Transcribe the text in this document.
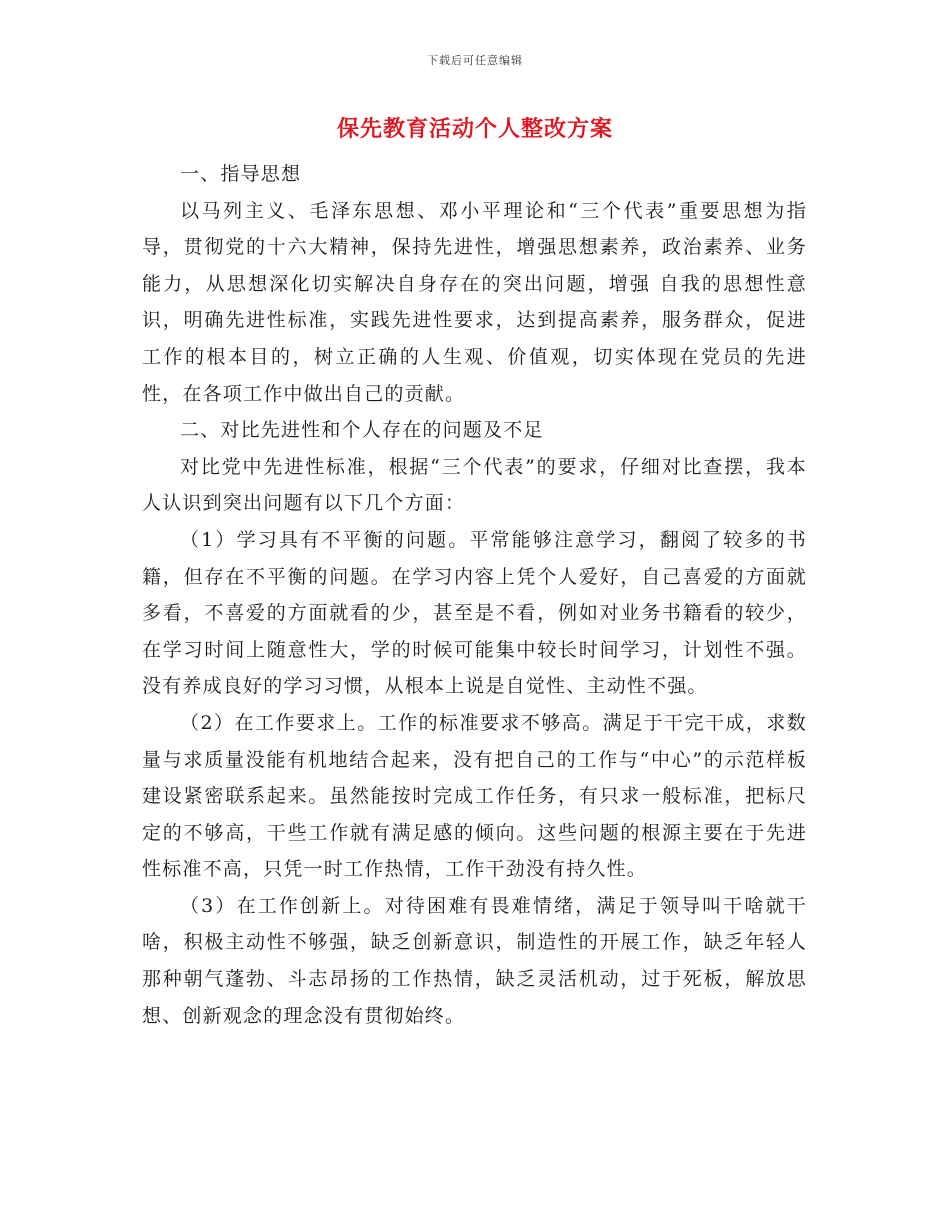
下载后可任意编辑
保先教育活动个人整改方案

一、指导思想

以马列主义、毛泽东思想、邓小平理论和“三个代表”重要思想为指导，贯彻党的十六大精神，保持先进性，增强思想素养，政治素养、业务能力，从思想深化切实解决自身存在的突出问题，增强 自我的思想性意识，明确先进性标准，实践先进性要求，达到提高素养，服务群众，促进工作的根本目的，树立正确的人生观、价值观，切实体现在党员的先进性，在各项工作中做出自己的贡献。

二、对比先进性和个人存在的问题及不足

对比党中先进性标准，根据“三个代表”的要求，仔细对比查摆，我本人认识到突出问题有以下几个方面：

（1）学习具有不平衡的问题。平常能够注意学习，翻阅了较多的书籍，但存在不平衡的问题。在学习内容上凭个人爱好，自己喜爱的方面就多看，不喜爱的方面就看的少，甚至是不看，例如对业务书籍看的较少，在学习时间上随意性大，学的时候可能集中较长时间学习，计划性不强。没有养成良好的学习习惯，从根本上说是自觉性、主动性不强。

（2）在工作要求上。工作的标准要求不够高。满足于干完干成，求数量与求质量没能有机地结合起来，没有把自己的工作与“中心”的示范样板建设紧密联系起来。虽然能按时完成工作任务，有只求一般标准，把标尺定的不够高，干些工作就有满足感的倾向。这些问题的根源主要在于先进性标准不高，只凭一时工作热情，工作干劲没有持久性。

（3）在工作创新上。对待困难有畏难情绪，满足于领导叫干啥就干啥，积极主动性不够强，缺乏创新意识，制造性的开展工作，缺乏年轻人那种朝气蓬勃、斗志昂扬的工作热情，缺乏灵活机动，过于死板，解放思想、创新观念的理念没有贯彻始终。
